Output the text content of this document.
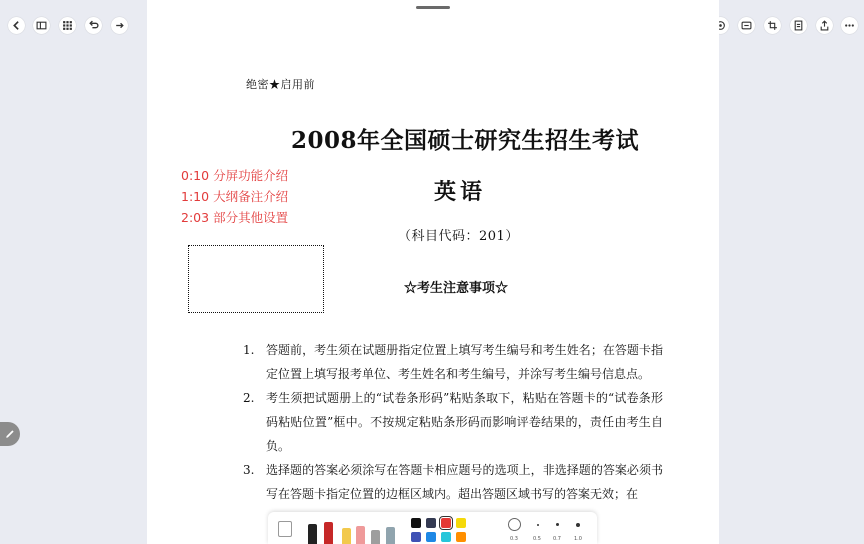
绝密★启用前
2008年全国硕士研究生招生考试
英语
（科目代码：201）
☆考生注意事项☆
1. 答题前，考生须在试题册指定位置上填写考生编号和考生姓名；在答题卡指定位置上填写报考单位、考生姓名和考生编号，并涂写考生编号信息点。
2. 考生须把试题册上的“试卷条形码”粘贴条取下，粘贴在答题卡的“试卷条形码粘贴位置”框中。不按规定粘贴条形码而影响评卷结果的，责任由考生自负。
3. 选择题的答案必须涂写在答题卡相应题号的选项上，非选择题的答案必须书写在答题卡指定位置的边框区域内。超出答题区域书写的答案无效；在
0:10 分屏功能介绍
1:10 大纲备注介绍
2:03 部分其他设置
0.3	0.5 0.7	1.0
